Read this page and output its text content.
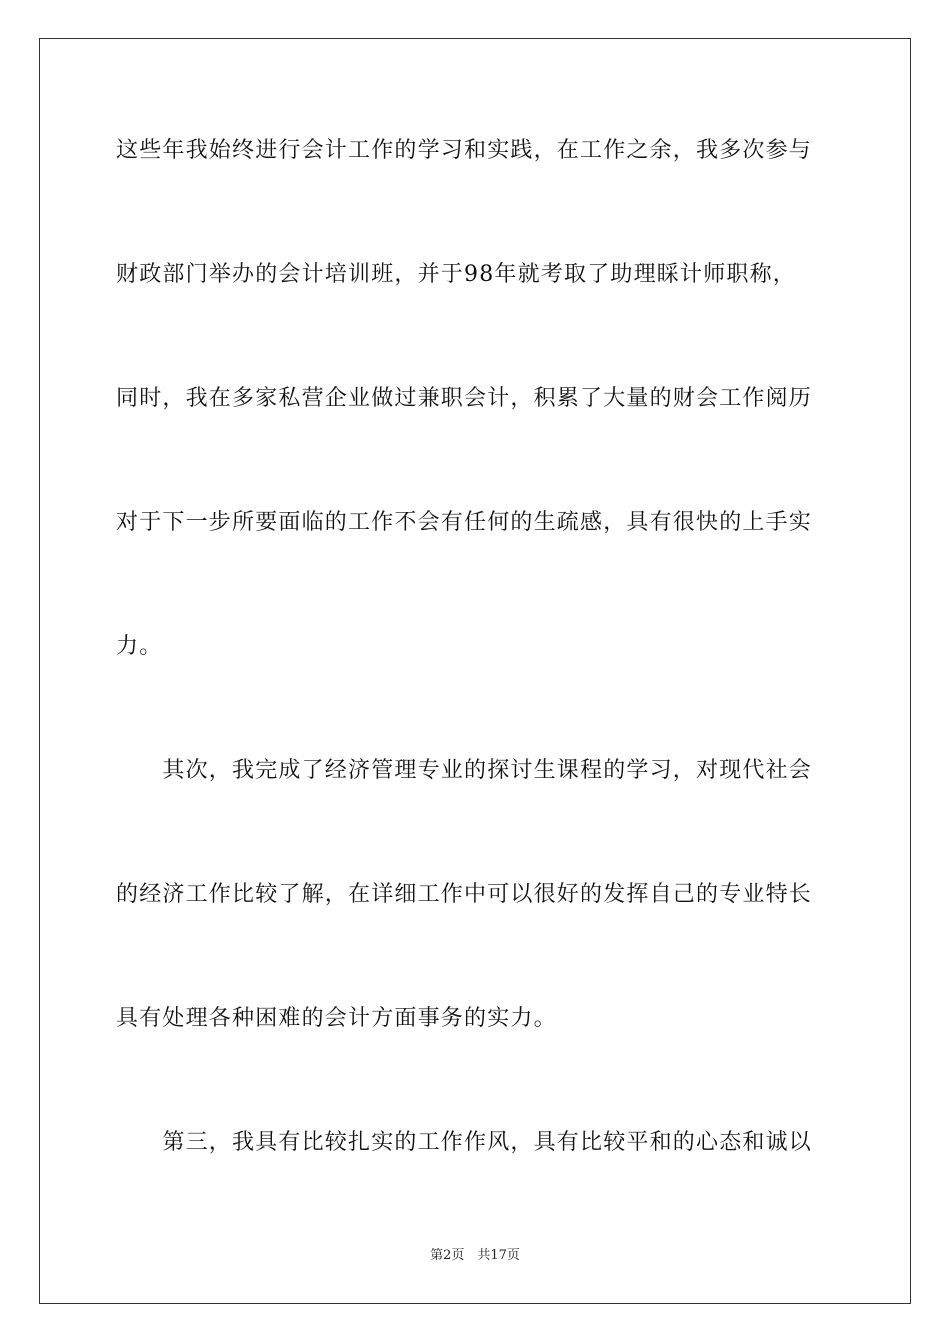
这些年我始终进行会计工作的学习和实践，在工作之余，我多次参与
财政部门举办的会计培训班，并于98年就考取了助理睬计师职称，
同时，我在多家私营企业做过兼职会计，积累了大量的财会工作阅历
对于下一步所要面临的工作不会有任何的生疏感，具有很快的上手实
力。
　　其次，我完成了经济管理专业的探讨生课程的学习，对现代社会
的经济工作比较了解，在详细工作中可以很好的发挥自己的专业特长
具有处理各种困难的会计方面事务的实力。
　　第三，我具有比较扎实的工作作风，具有比较平和的心态和诚以
第2页　共17页
